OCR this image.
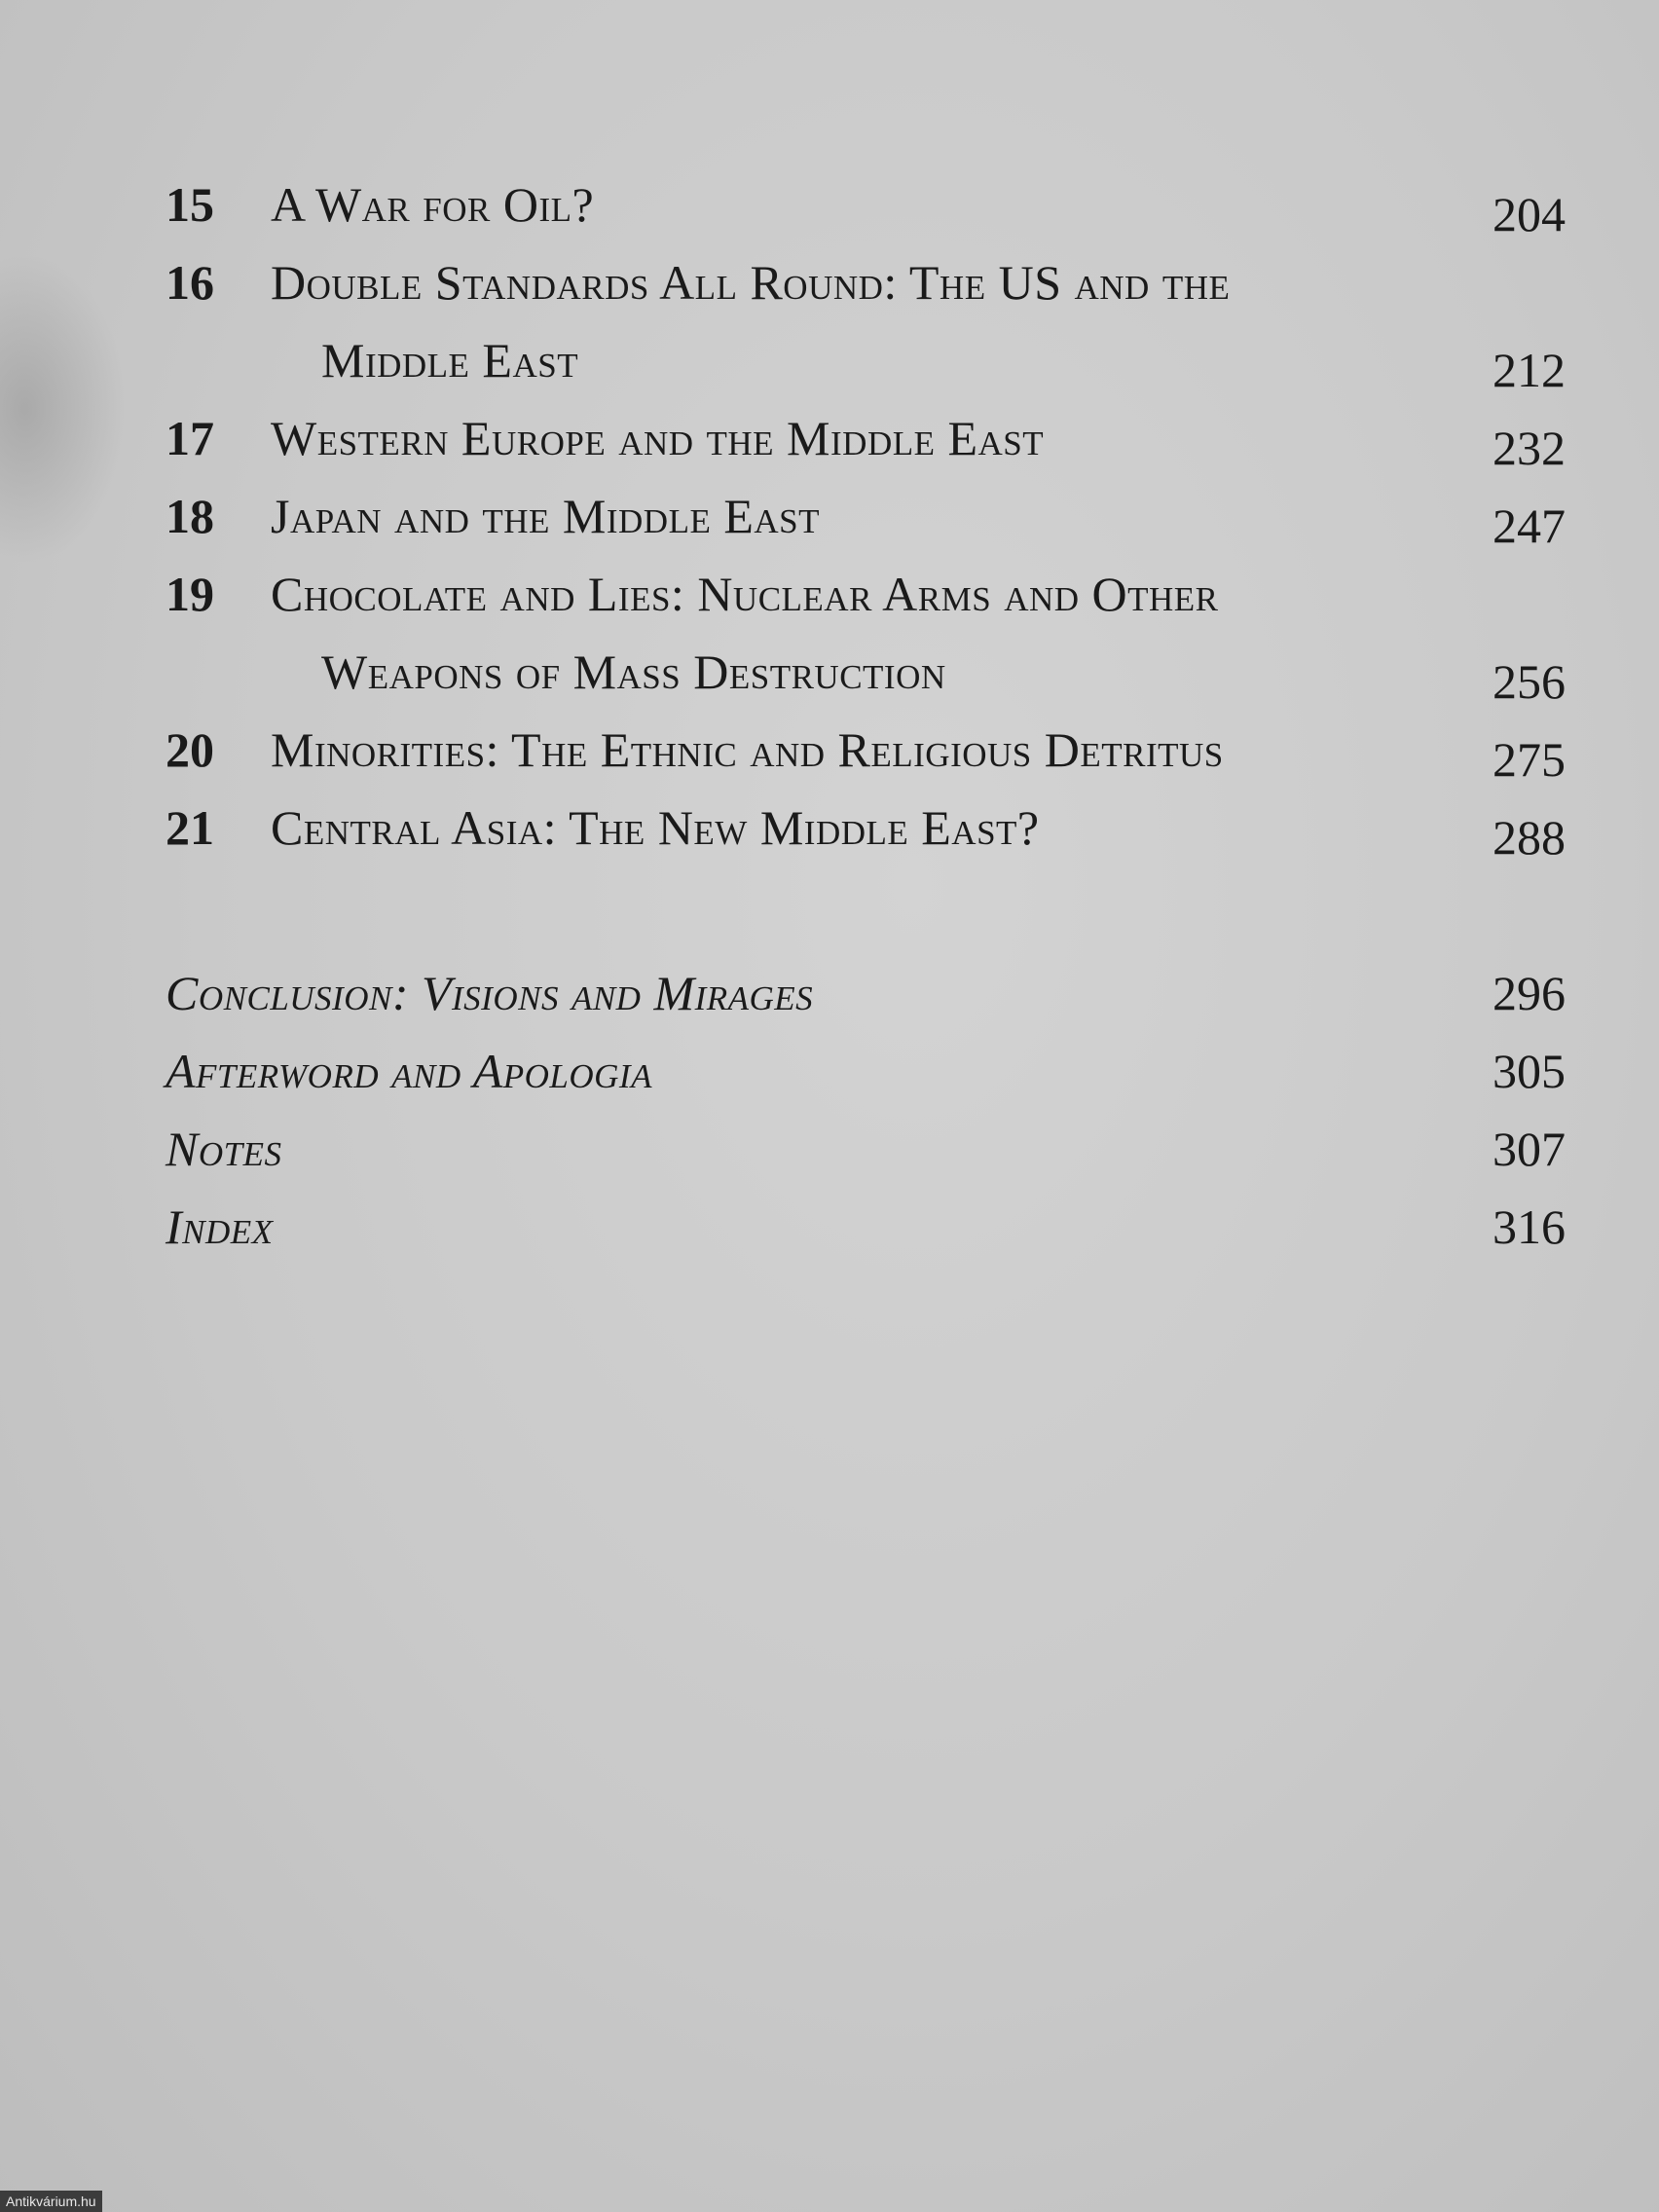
15	A War for Oil?	204
16	Double Standards All Round: The US and the
Middle East	212
17	Western Europe and the Middle East	232
18	Japan and the Middle East	247
19	Chocolate and Lies: Nuclear Arms and Other
Weapons of Mass Destruction	256
20	Minorities: The Ethnic and Religious Detritus	275
21	Central Asia: The New Middle East?	288
Conclusion: Visions and Mirages	296
Afterword and Apologia	305
Notes	307
Index	316
Antikvárium.hu
